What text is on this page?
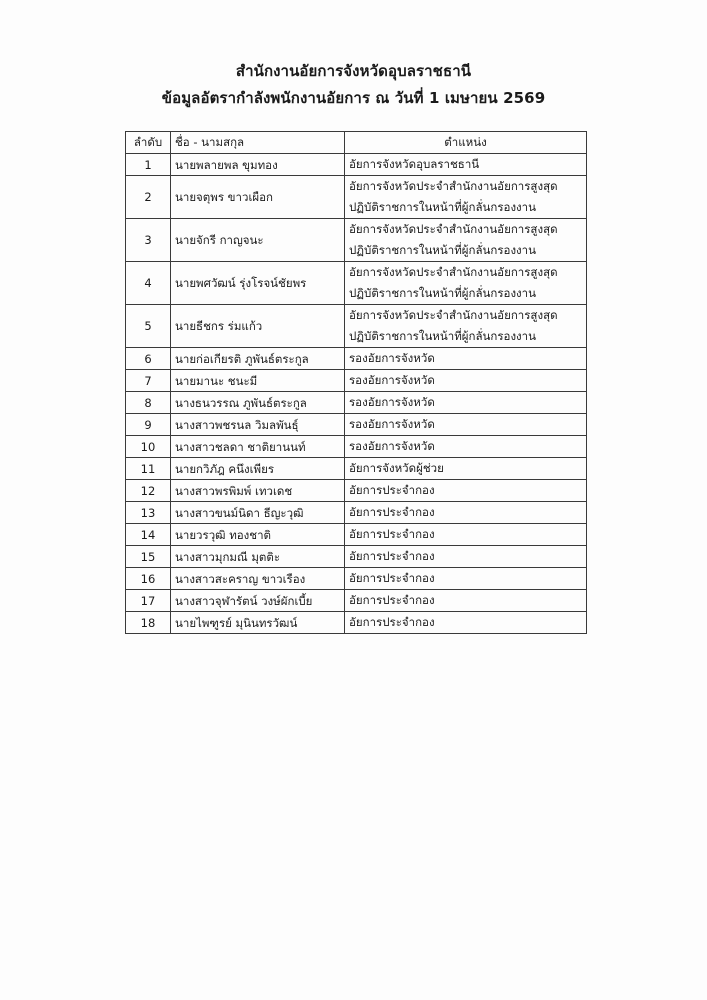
สำนักงานอัยการจังหวัดอุบลราชธานี
ข้อมูลอัตรากำลังพนักงานอัยการ ณ วันที่ 1 เมษายน 2569
ลำดับ	ชื่อ - นามสกุล	ตำแหน่ง
1	นายพลายพล ขุมทอง	อัยการจังหวัดอุบลราชธานี

2	นายจตุพร ขาวเผือก	อัยการจังหวัดประจำสำนักงานอัยการสูงสุด
ปฏิบัติราชการในหน้าที่ผู้กลั่นกรองงาน

3	นายจักรี กาญจนะ	อัยการจังหวัดประจำสำนักงานอัยการสูงสุด
ปฏิบัติราชการในหน้าที่ผู้กลั่นกรองงาน

4	นายพศวัฒน์ รุ่งโรจน์ชัยพร	อัยการจังหวัดประจำสำนักงานอัยการสูงสุด
ปฏิบัติราชการในหน้าที่ผู้กลั่นกรองงาน

5	นายธีชกร ร่มแก้ว	อัยการจังหวัดประจำสำนักงานอัยการสูงสุด
ปฏิบัติราชการในหน้าที่ผู้กลั่นกรองงาน

6	นายก่อเกียรติ ภูพันธ์ตระกูล	รองอัยการจังหวัด

7	นายมานะ ชนะมี	รองอัยการจังหวัด

8	นางธนวรรณ ภูพันธ์ตระกูล	รองอัยการจังหวัด

9	นางสาวพชรนล วิมลพันธุ์	รองอัยการจังหวัด

10	นางสาวชลดา ชาติยานนท์	รองอัยการจังหวัด

11	นายกวิภัฎ คนึงเพียร	อัยการจังหวัดผู้ช่วย

12	นางสาวพรพิมพ์ เทวเดช	อัยการประจำกอง

13	นางสาวขนม์นิดา ธีญะวุฒิ	อัยการประจำกอง

14	นายวรวุฒิ ทองชาติ	อัยการประจำกอง

15	นางสาวมุกมณี มุตติะ	อัยการประจำกอง

16	นางสาวสะคราญ ขาวเรือง	อัยการประจำกอง

17	นางสาวจุฬารัตน์ วงษ์ผักเบี้ย	อัยการประจำกอง

18	นายไพฑูรย์ มุนินทรวัฒน์	อัยการประจำกอง
